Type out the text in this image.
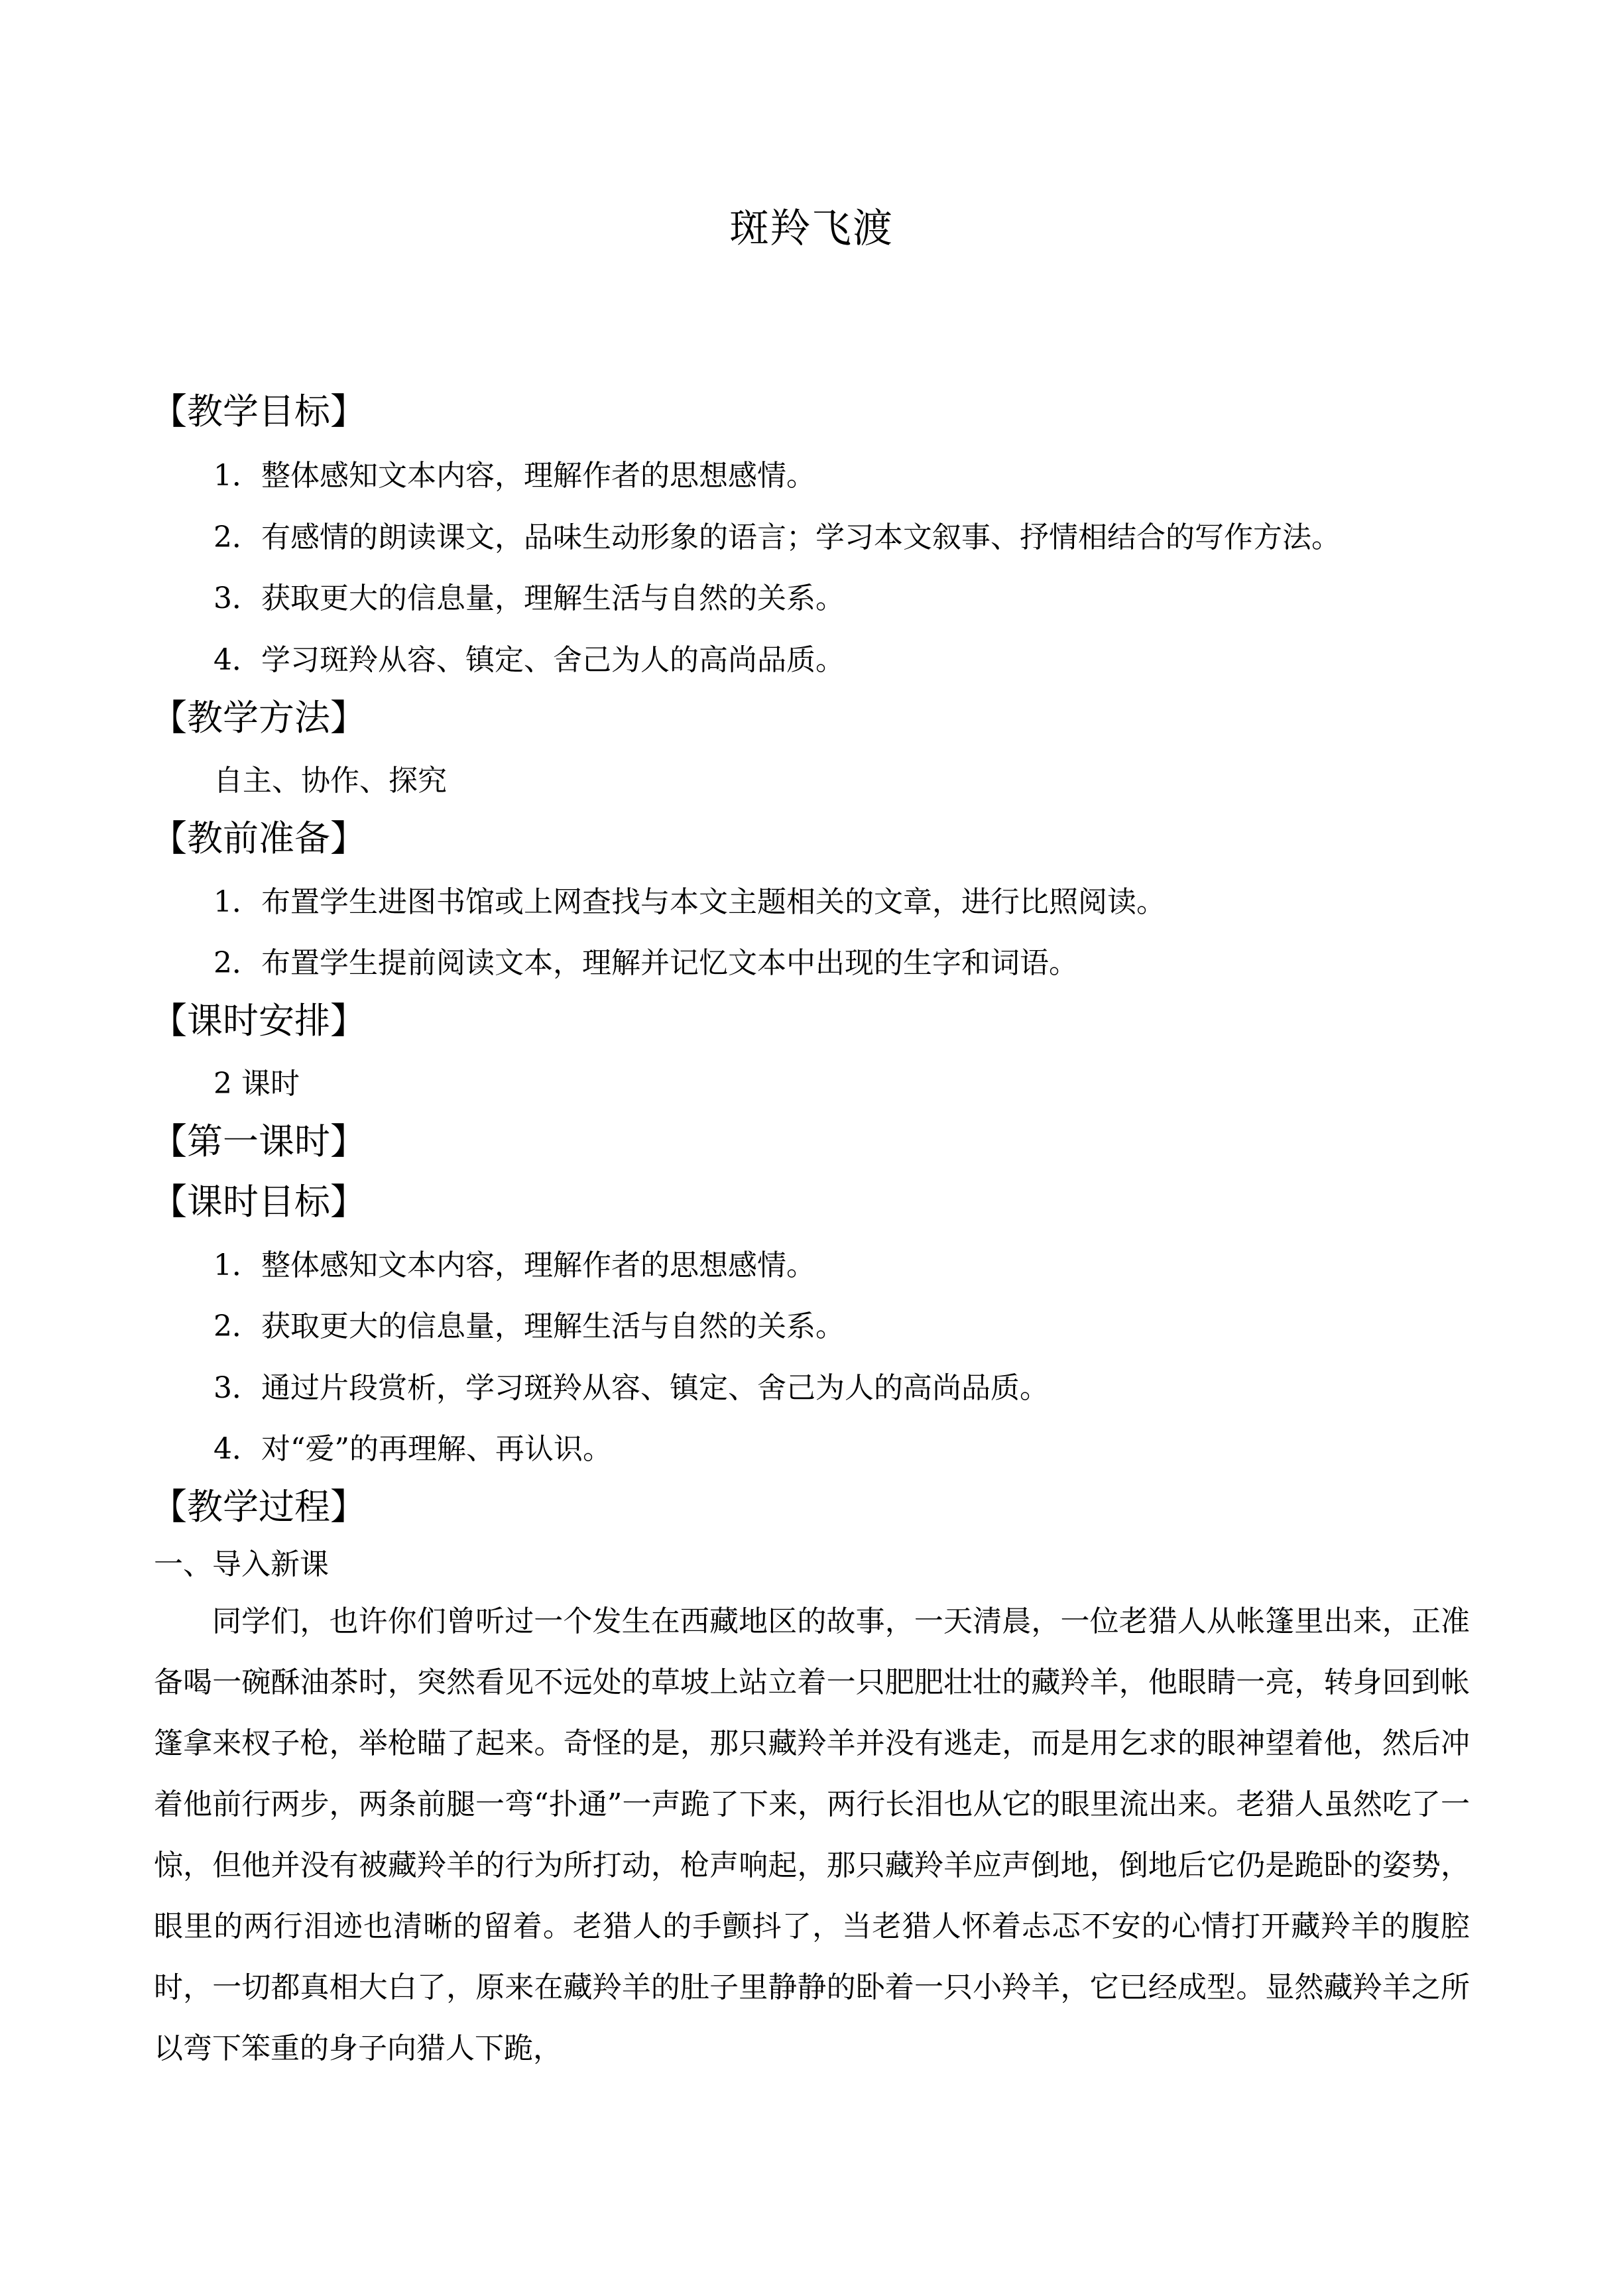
斑羚飞渡
【教学目标】
1．整体感知文本内容，理解作者的思想感情。
2．有感情的朗读课文，品味生动形象的语言；学习本文叙事、抒情相结合的写作方法。
3．获取更大的信息量，理解生活与自然的关系。
4．学习斑羚从容、镇定、舍己为人的高尚品质。
【教学方法】
自主、协作、探究
【教前准备】
1．布置学生进图书馆或上网查找与本文主题相关的文章，进行比照阅读。
2．布置学生提前阅读文本，理解并记忆文本中出现的生字和词语。
【课时安排】
2 课时
【第一课时】
【课时目标】
1．整体感知文本内容，理解作者的思想感情。
2．获取更大的信息量，理解生活与自然的关系。
3．通过片段赏析，学习斑羚从容、镇定、舍己为人的高尚品质。
4．对“爱”的再理解、再认识。
【教学过程】
一、导入新课
同学们，也许你们曾听过一个发生在西藏地区的故事，一天清晨，一位老猎人从帐篷里出来，正准备喝一碗酥油茶时，突然看见不远处的草坡上站立着一只肥肥壮壮的藏羚羊，他眼睛一亮，转身回到帐篷拿来杈子枪，举枪瞄了起来。奇怪的是，那只藏羚羊并没有逃走，而是用乞求的眼神望着他，然后冲着他前行两步，两条前腿一弯“扑通”一声跪了下来，两行长泪也从它的眼里流出来。老猎人虽然吃了一惊，但他并没有被藏羚羊的行为所打动，枪声响起，那只藏羚羊应声倒地，倒地后它仍是跪卧的姿势，眼里的两行泪迹也清晰的留着。老猎人的手颤抖了，当老猎人怀着忐忑不安的心情打开藏羚羊的腹腔时，一切都真相大白了，原来在藏羚羊的肚子里静静的卧着一只小羚羊，它已经成型。显然藏羚羊之所以弯下笨重的身子向猎人下跪，
